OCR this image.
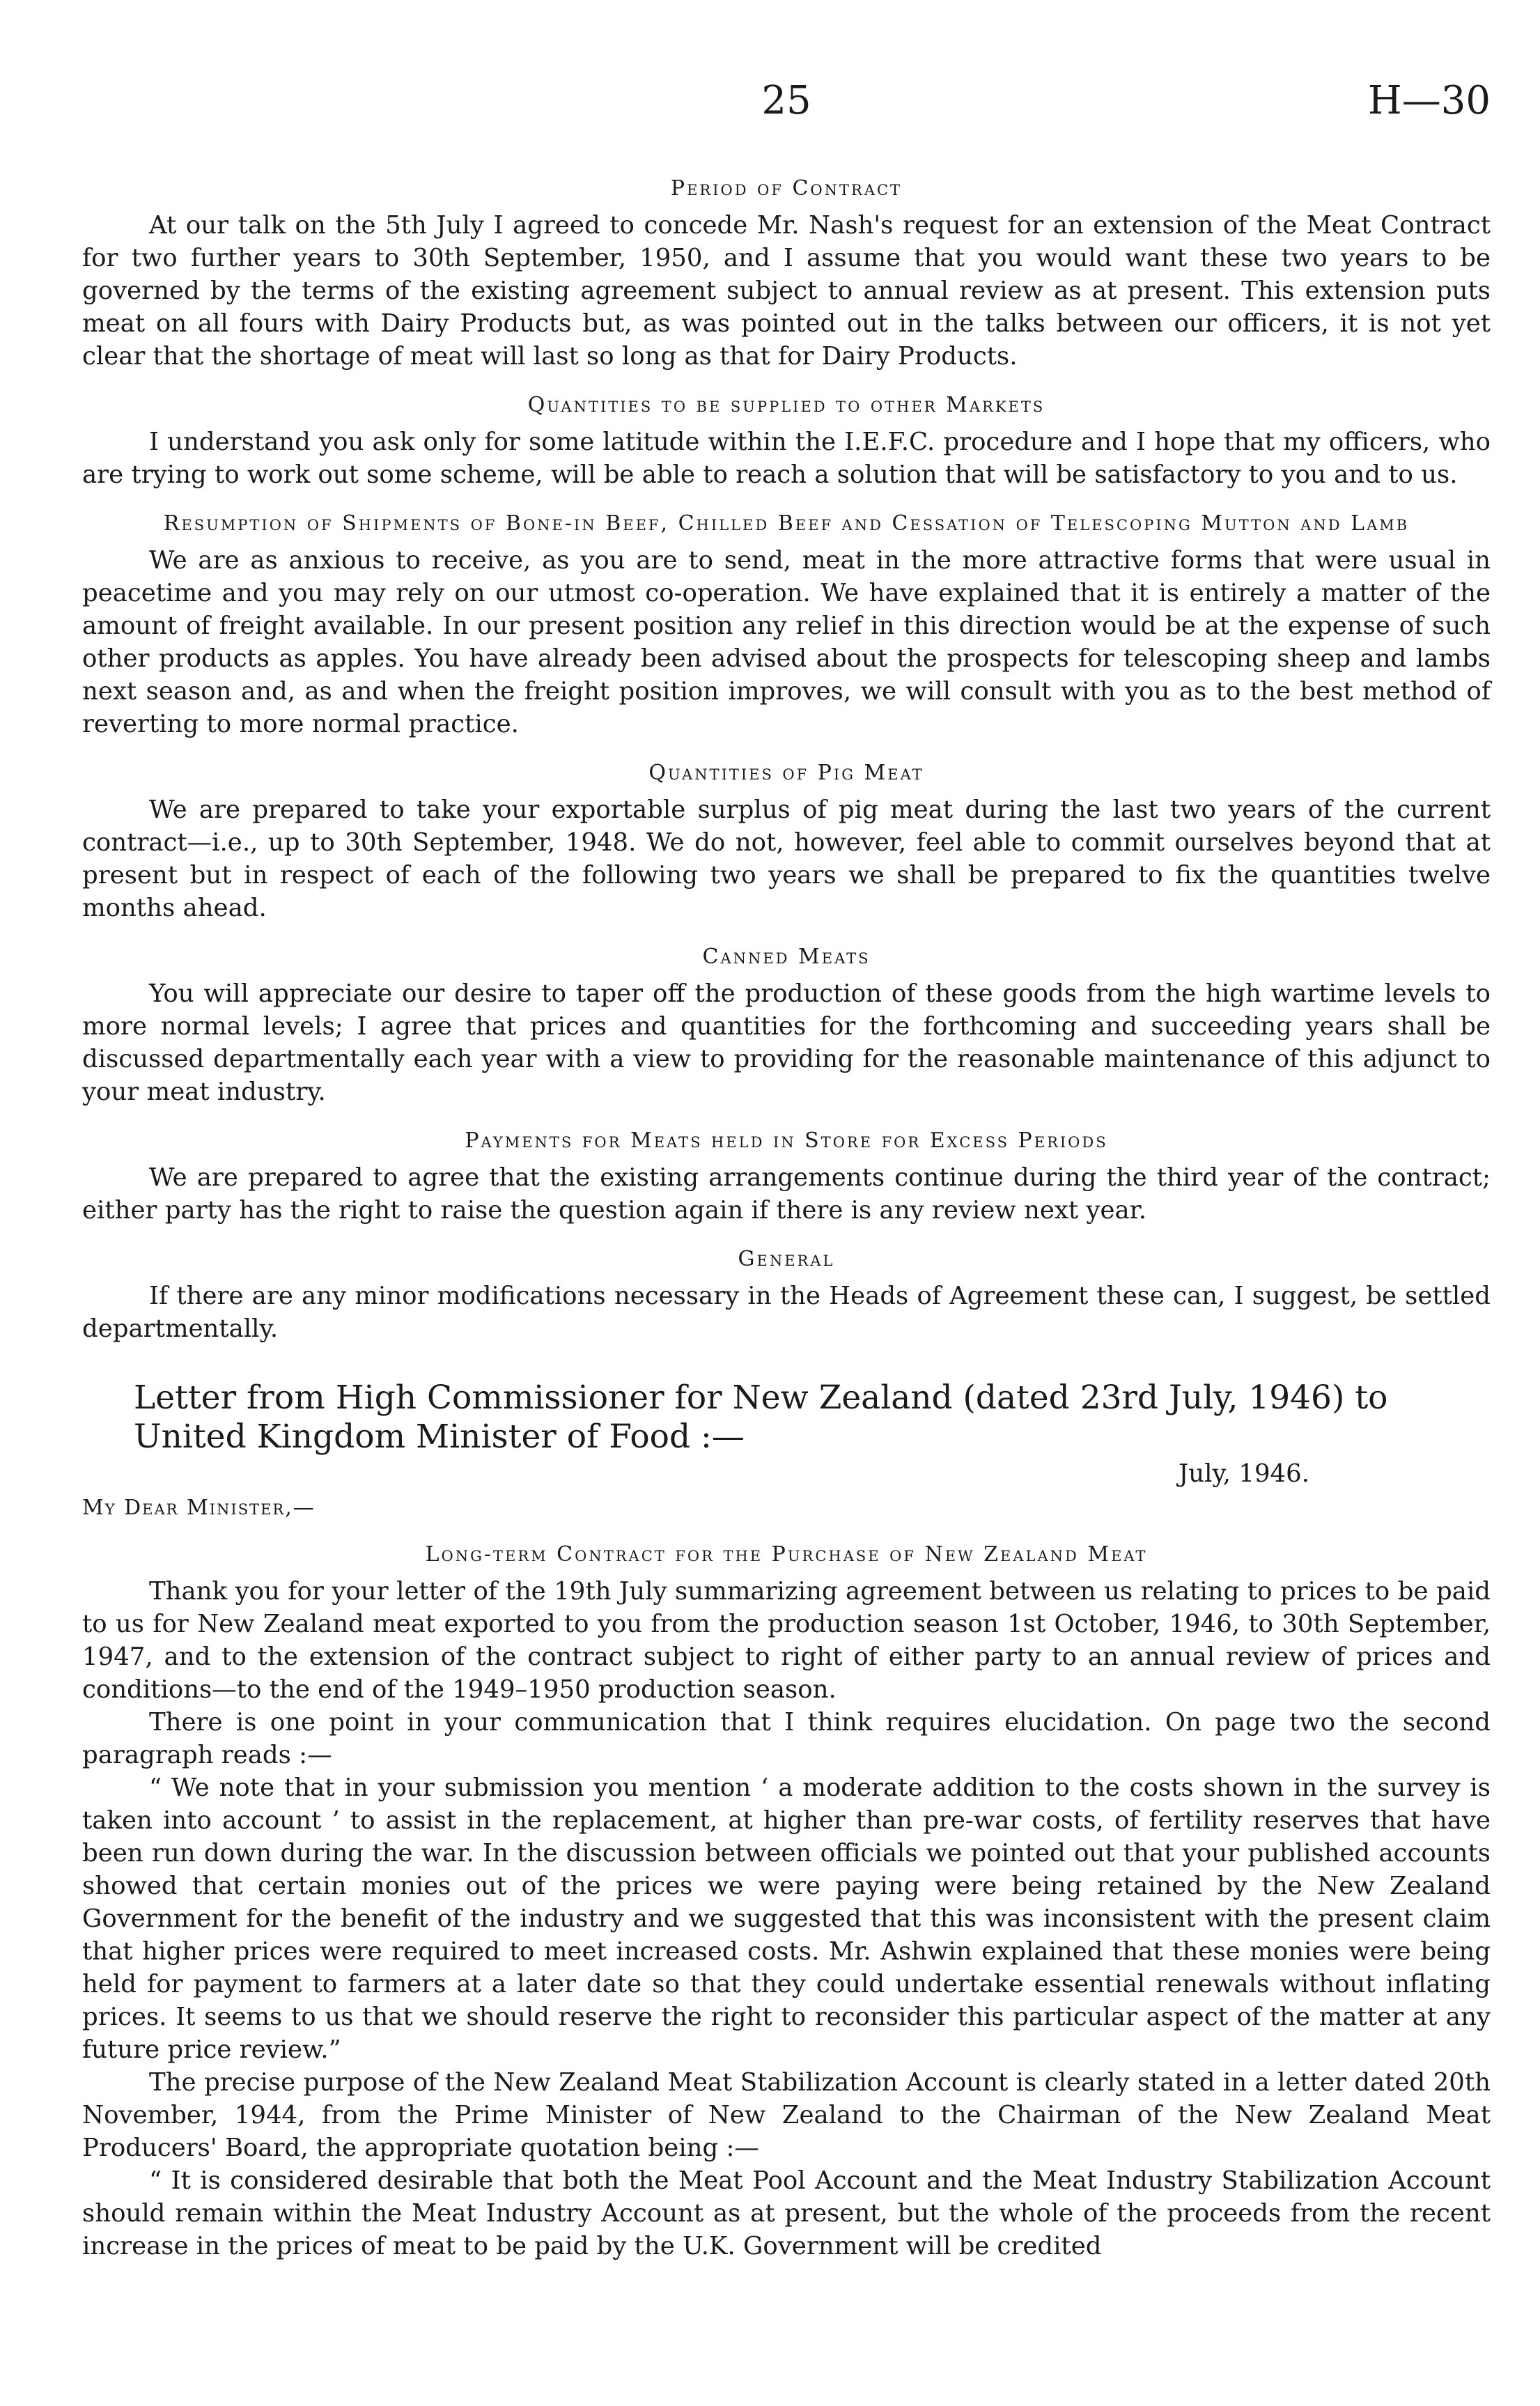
25	H—30
Period of Contract

At our talk on the 5th July I agreed to concede Mr. Nash's request for an extension of the Meat Contract for two further years to 30th September, 1950, and I assume that you would want these two years to be governed by the terms of the existing agreement subject to annual review as at present. This extension puts meat on all fours with Dairy Products but, as was pointed out in the talks between our officers, it is not yet clear that the shortage of meat will last so long as that for Dairy Products.

Quantities to be supplied to other Markets

I understand you ask only for some latitude within the I.E.F.C. procedure and I hope that my officers, who are trying to work out some scheme, will be able to reach a solution that will be satisfactory to you and to us.

Resumption of Shipments of Bone-in Beef, Chilled Beef and Cessation of Telescoping Mutton and Lamb

We are as anxious to receive, as you are to send, meat in the more attractive forms that were usual in peacetime and you may rely on our utmost co-operation. We have explained that it is entirely a matter of the amount of freight available. In our present position any relief in this direction would be at the expense of such other products as apples. You have already been advised about the prospects for telescoping sheep and lambs next season and, as and when the freight position improves, we will consult with you as to the best method of reverting to more normal practice.

Quantities of Pig Meat

We are prepared to take your exportable surplus of pig meat during the last two years of the current contract—i.e., up to 30th September, 1948. We do not, however, feel able to commit ourselves beyond that at present but in respect of each of the following two years we shall be prepared to fix the quantities twelve months ahead.

Canned Meats

You will appreciate our desire to taper off the production of these goods from the high wartime levels to more normal levels; I agree that prices and quantities for the forthcoming and succeeding years shall be discussed departmentally each year with a view to providing for the reasonable maintenance of this adjunct to your meat industry.

Payments for Meats held in Store for Excess Periods

We are prepared to agree that the existing arrangements continue during the third year of the contract; either party has the right to raise the question again if there is any review next year.

General

If there are any minor modifications necessary in the Heads of Agreement these can, I suggest, be settled departmentally.

Letter from High Commissioner for New Zealand (dated 23rd July, 1946) to United Kingdom Minister of Food :—
July, 1946.
My Dear Minister,—
Long-term Contract for the Purchase of New Zealand Meat

Thank you for your letter of the 19th July summarizing agreement between us relating to prices to be paid to us for New Zealand meat exported to you from the production season 1st October, 1946, to 30th September, 1947, and to the extension of the contract subject to right of either party to an annual review of prices and conditions—to the end of the 1949–1950 production season.

There is one point in your communication that I think requires elucidation. On page two the second paragraph reads :—

“ We note that in your submission you mention ‘ a moderate addition to the costs shown in the survey is taken into account ’ to assist in the replacement, at higher than pre-war costs, of fertility reserves that have been run down during the war. In the discussion between officials we pointed out that your published accounts showed that certain monies out of the prices we were paying were being retained by the New Zealand Government for the benefit of the industry and we suggested that this was inconsistent with the present claim that higher prices were required to meet increased costs. Mr. Ashwin explained that these monies were being held for payment to farmers at a later date so that they could undertake essential renewals without inflating prices. It seems to us that we should reserve the right to reconsider this particular aspect of the matter at any future price review.”

The precise purpose of the New Zealand Meat Stabilization Account is clearly stated in a letter dated 20th November, 1944, from the Prime Minister of New Zealand to the Chairman of the New Zealand Meat Producers' Board, the appropriate quotation being :—

“ It is considered desirable that both the Meat Pool Account and the Meat Industry Stabilization Account should remain within the Meat Industry Account as at present, but the whole of the proceeds from the recent increase in the prices of meat to be paid by the U.K. Government will be credited
